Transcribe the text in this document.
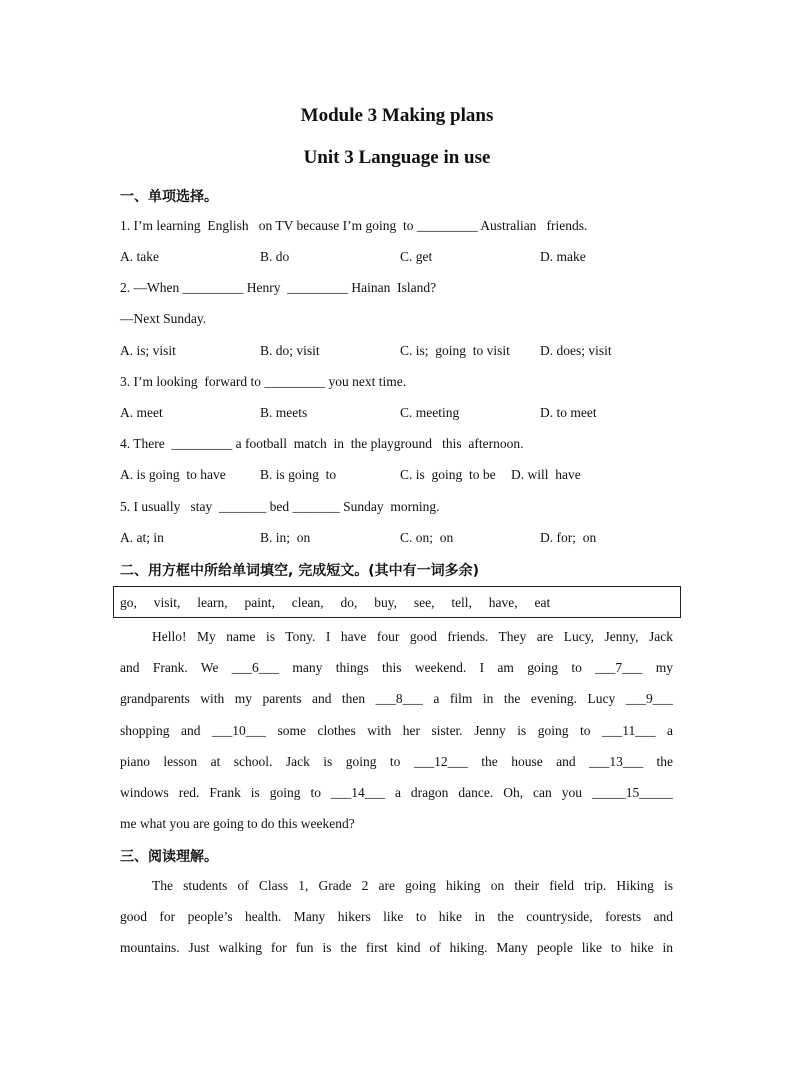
Module 3 Making plans
Unit 3 Language in use
一、单项选择。
1. I’m learning  English   on TV because I’m going  to _________ Australian   friends.
A. take	B. do	C. get	D. make
2. —When _________ Henry  _________ Hainan  Island?
—Next Sunday.
A. is; visit	B. do; visit	C. is;  going  to visit D. does; visit
3. I’m looking  forward to _________ you next time.
A. meet	B. meets	C. meeting	D. to meet
4. There  _________ a football  match  in  the playground   this  afternoon.
A. is going  to have	B. is going  to	C. is  going  to be D. will  have
5. I usually   stay  _______ bed _______ Sunday  morning.
A. at; in	B. in;  on	C. on;  on	D. for;  on
二、用方框中所给单词填空, 完成短文。(其中有一词多余)
go,     visit,     learn,     paint,     clean,     do,     buy,     see,     tell,     have,     eat
Hello! My name is Tony. I have four good friends. They are Lucy, Jenny, Jack
and Frank. We ___6___ many things this weekend. I am going to ___7___ my
grandparents with my parents and then ___8___ a film in the evening. Lucy ___9___
shopping and ___10___ some clothes with her sister. Jenny is going to ___11___ a
piano lesson at school. Jack is going to ___12___ the house and ___13___ the
windows red. Frank is going to ___14___ a dragon dance. Oh, can you _____15_____
me what you are going to do this weekend?
三、阅读理解。
The students of Class 1, Grade 2 are going hiking on their field trip. Hiking is
good for people’s health. Many hikers like to hike in the countryside, forests and
mountains. Just walking for fun is the first kind of hiking. Many people like to hike in
